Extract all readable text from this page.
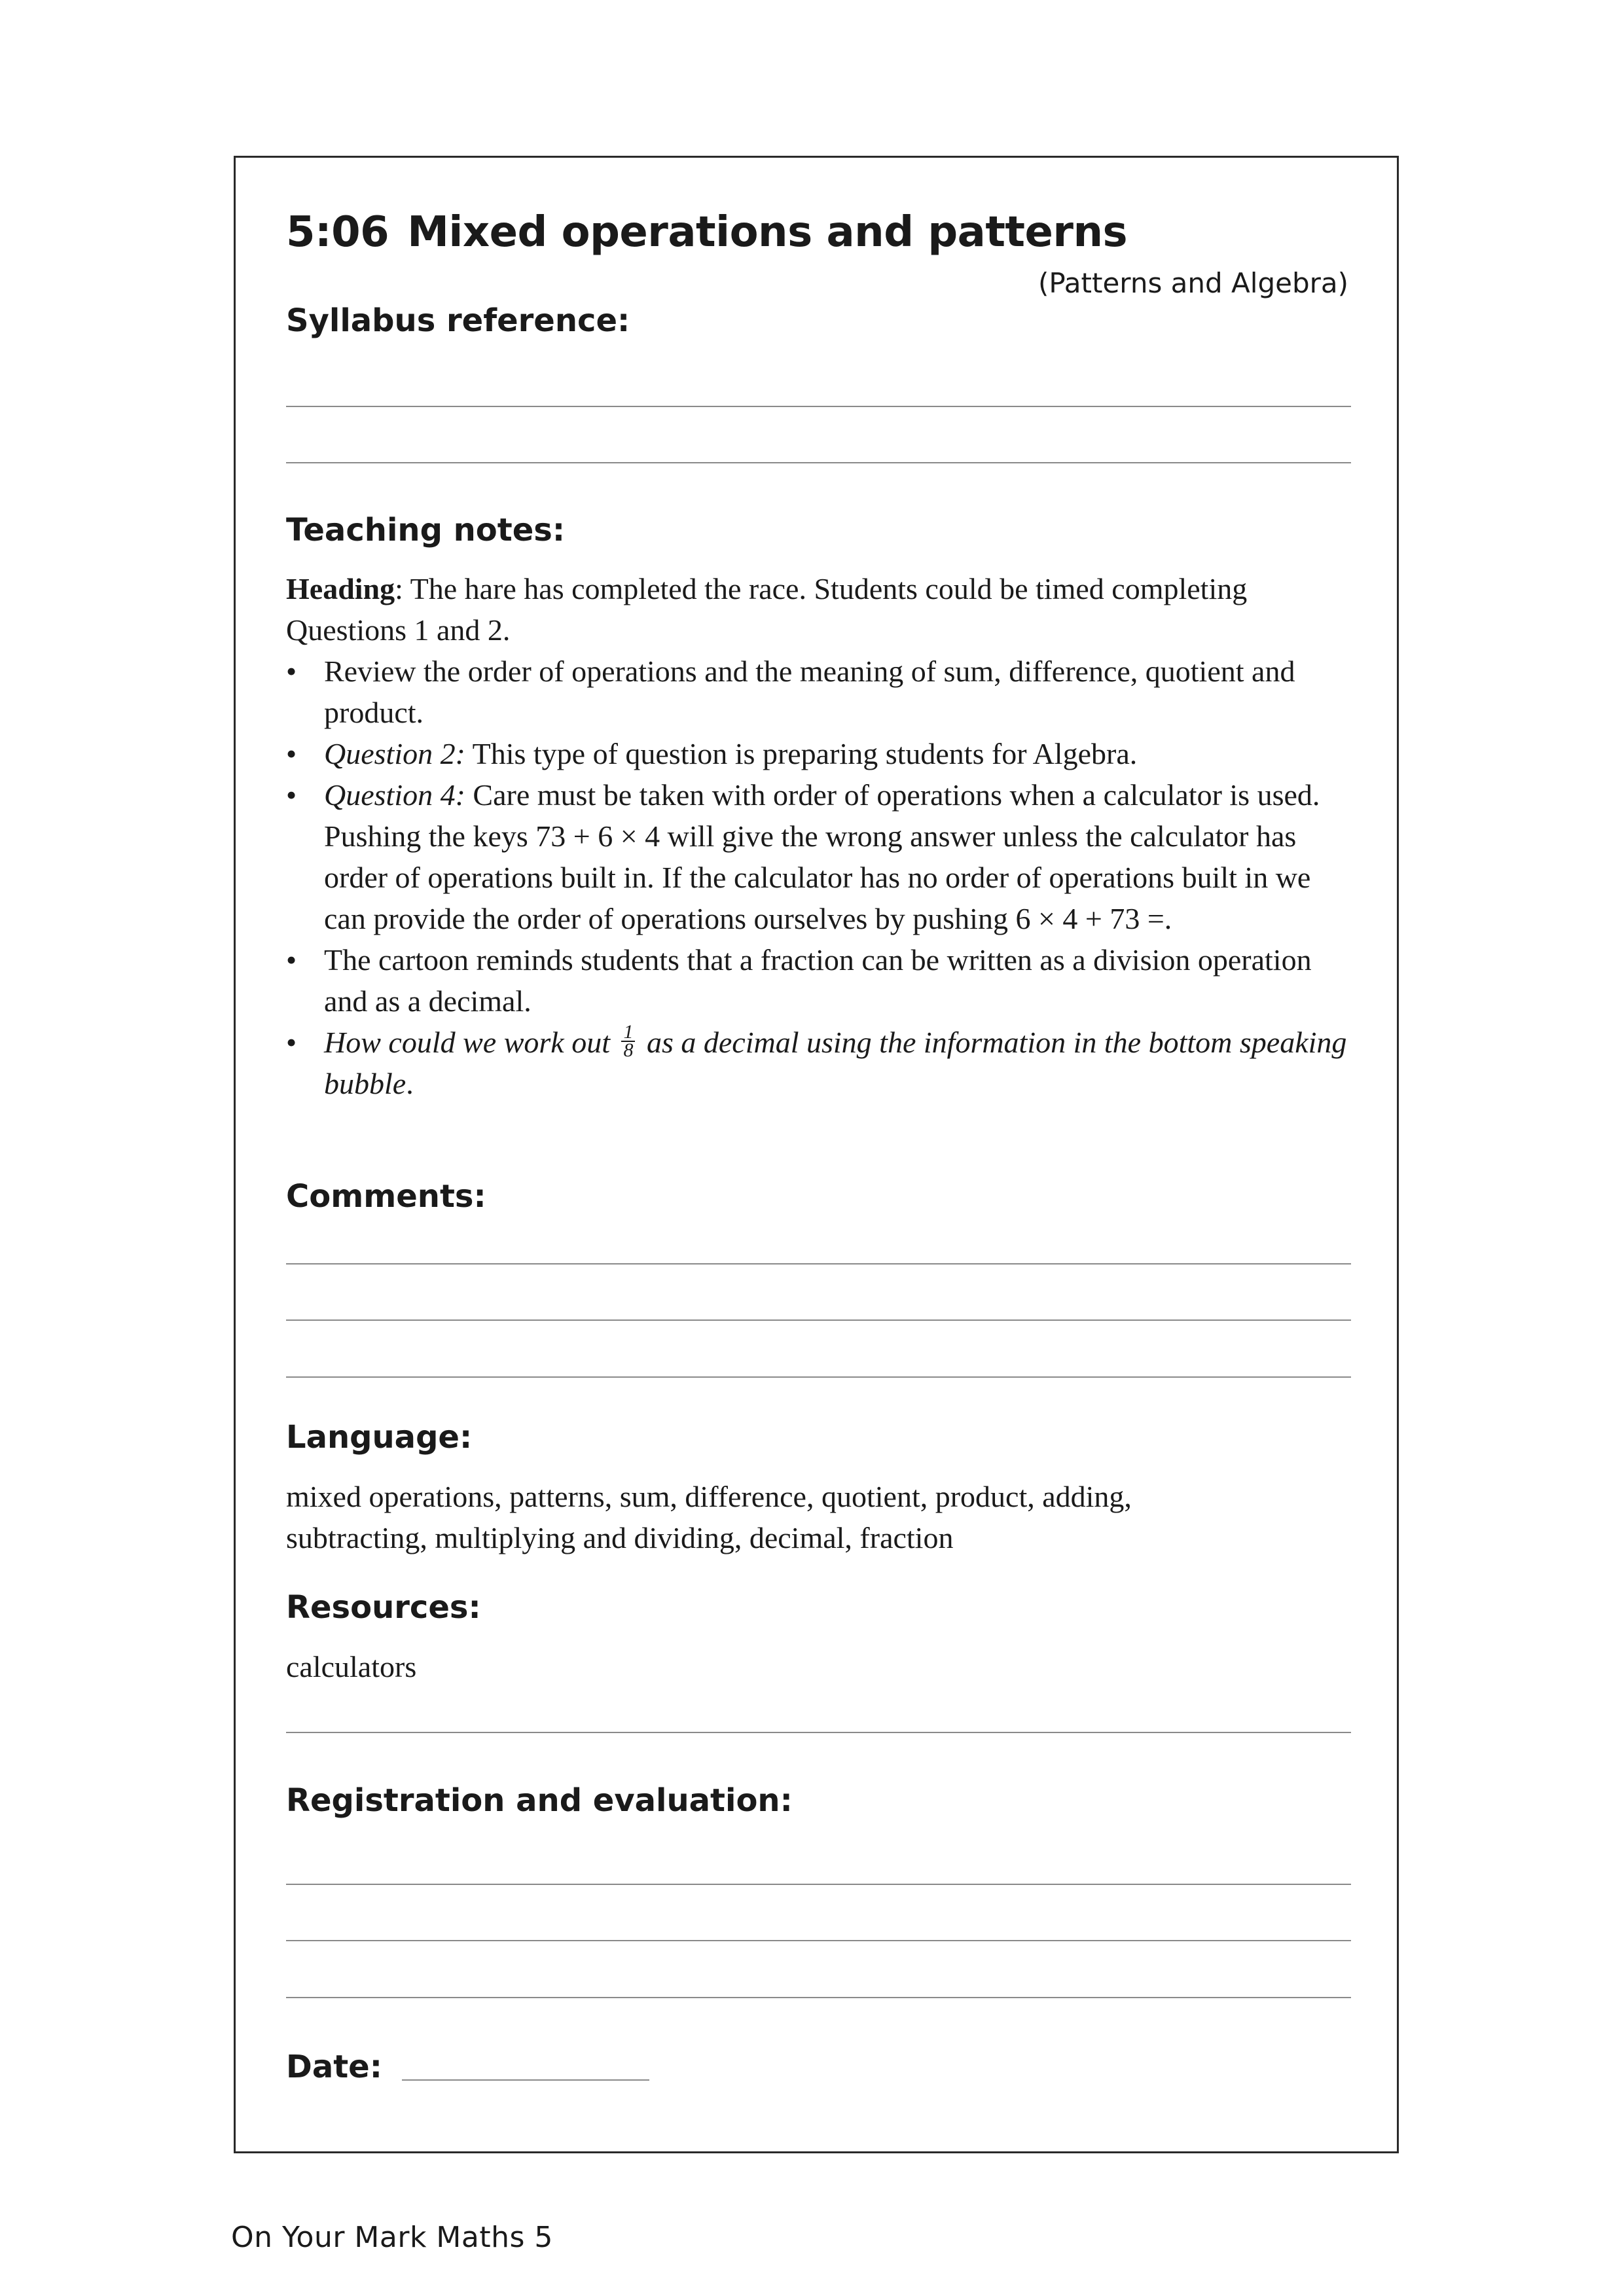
5:06 Mixed operations and patterns
(Patterns and Algebra)
Syllabus reference:
Teaching notes:

Heading: The hare has completed the race. Students could be timed completing Questions 1 and 2.

• Review the order of operations and the meaning of sum, difference, quotient and product.
• Question 2: This type of question is preparing students for Algebra.
• Question 4: Care must be taken with order of operations when a calculator is used. Pushing the keys 73 + 6 × 4 will give the wrong answer unless the calculator has order of operations built in. If the calculator has no order of operations built in we can provide the order of operations ourselves by pushing 6 × 4 + 73 =.
• The cartoon reminds students that a fraction can be written as a division operation and as a decimal.
• How could we work out $\frac{1}{8}$ as a decimal using the information in the bottom speaking bubble.
Comments:
Language:
mixed operations, patterns, sum, difference, quotient, product, adding, subtracting, multiplying and dividing, decimal, fraction
Resources:
calculators
Registration and evaluation:
Date:
On Your Mark Maths 5
